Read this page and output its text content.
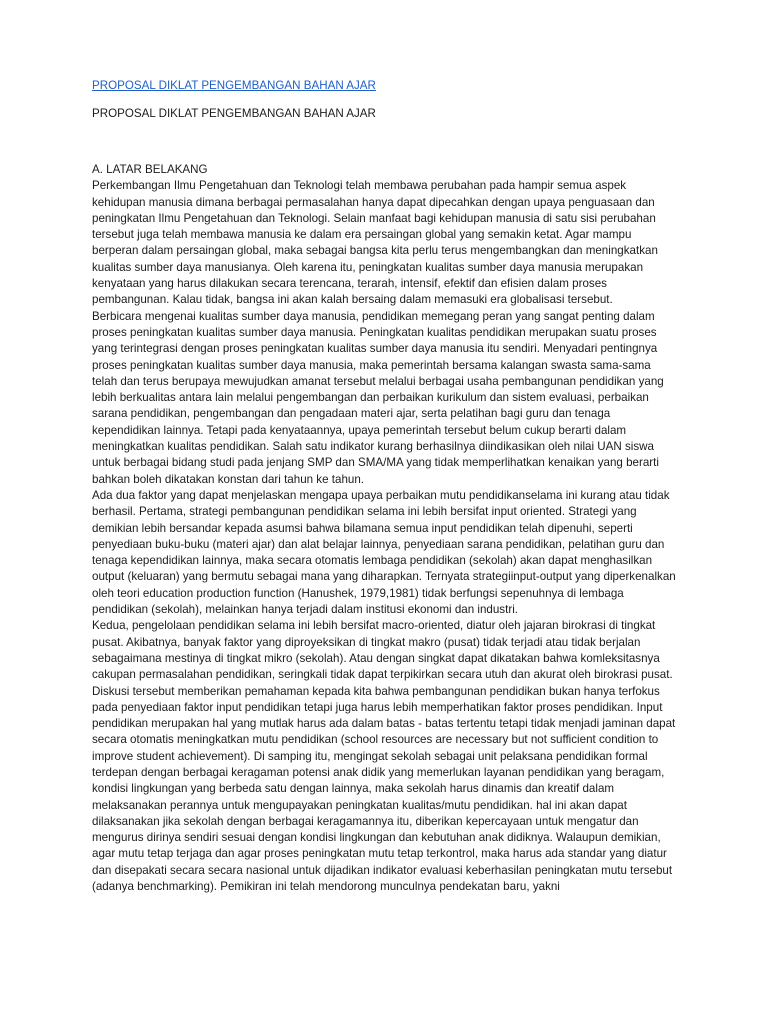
PROPOSAL DIKLAT PENGEMBANGAN BAHAN AJAR

PROPOSAL DIKLAT PENGEMBANGAN BAHAN AJAR

A. LATAR BELAKANG

Perkembangan Ilmu Pengetahuan dan Teknologi telah membawa perubahan pada hampir semua aspek kehidupan manusia dimana berbagai permasalahan hanya dapat dipecahkan dengan upaya penguasaan dan peningkatan Ilmu Pengetahuan dan Teknologi. Selain manfaat bagi kehidupan manusia di satu sisi perubahan tersebut juga telah membawa manusia ke dalam era persaingan global yang semakin ketat. Agar mampu berperan dalam persaingan global, maka sebagai bangsa kita perlu terus mengembangkan dan meningkatkan kualitas sumber daya manusianya. Oleh karena itu, peningkatan kualitas sumber daya manusia merupakan kenyataan yang harus dilakukan secara terencana, terarah, intensif, efektif dan efisien dalam proses pembangunan. Kalau tidak, bangsa ini akan kalah bersaing dalam memasuki era globalisasi tersebut.

Berbicara mengenai kualitas sumber daya manusia, pendidikan memegang peran yang sangat penting dalam proses peningkatan kualitas sumber daya manusia. Peningkatan kualitas pendidikan merupakan suatu proses yang terintegrasi dengan proses peningkatan kualitas sumber daya manusia itu sendiri. Menyadari pentingnya proses peningkatan kualitas sumber daya manusia, maka pemerintah bersama kalangan swasta sama-sama telah dan terus berupaya mewujudkan amanat tersebut melalui berbagai usaha pembangunan pendidikan yang lebih berkualitas antara lain melalui pengembangan dan perbaikan kurikulum dan sistem evaluasi, perbaikan sarana pendidikan, pengembangan dan pengadaan materi ajar, serta pelatihan bagi guru dan tenaga kependidikan lainnya. Tetapi pada kenyataannya, upaya pemerintah tersebut belum cukup berarti dalam meningkatkan kualitas pendidikan. Salah satu indikator kurang berhasilnya diindikasikan oleh nilai UAN siswa untuk berbagai bidang studi pada jenjang SMP dan SMA/MA yang tidak memperlihatkan kenaikan yang berarti bahkan boleh dikatakan konstan dari tahun ke tahun.

Ada dua faktor yang dapat menjelaskan mengapa upaya perbaikan mutu pendidikanselama ini kurang atau tidak berhasil. Pertama, strategi pembangunan pendidikan selama ini lebih bersifat input oriented. Strategi yang demikian lebih bersandar kepada asumsi bahwa bilamana semua input pendidikan telah dipenuhi, seperti penyediaan buku-buku (materi ajar) dan alat belajar lainnya, penyediaan sarana pendidikan, pelatihan guru dan tenaga kependidikan lainnya, maka secara otomatis lembaga pendidikan (sekolah) akan dapat menghasilkan output (keluaran) yang bermutu sebagai mana yang diharapkan. Ternyata strategiinput-output yang diperkenalkan oleh teori education production function (Hanushek, 1979,1981) tidak berfungsi sepenuhnya di lembaga pendidikan (sekolah), melainkan hanya terjadi dalam institusi ekonomi dan industri.

Kedua, pengelolaan pendidikan selama ini lebih bersifat macro-oriented, diatur oleh jajaran birokrasi di tingkat pusat. Akibatnya, banyak faktor yang diproyeksikan di tingkat makro (pusat) tidak terjadi atau tidak berjalan sebagaimana mestinya di tingkat mikro (sekolah). Atau dengan singkat dapat dikatakan bahwa komleksitasnya cakupan permasalahan pendidikan, seringkali tidak dapat terpikirkan secara utuh dan akurat oleh birokrasi pusat.

Diskusi tersebut memberikan pemahaman kepada kita bahwa pembangunan pendidikan bukan hanya terfokus pada penyediaan faktor input pendidikan tetapi juga harus lebih memperhatikan faktor proses pendidikan. Input pendidikan merupakan hal yang mutlak harus ada dalam batas - batas tertentu tetapi tidak menjadi jaminan dapat secara otomatis meningkatkan mutu pendidikan (school resources are necessary but not sufficient condition to improve student achievement). Di samping itu, mengingat sekolah sebagai unit pelaksana pendidikan formal terdepan dengan berbagai keragaman potensi anak didik yang memerlukan layanan pendidikan yang beragam, kondisi lingkungan yang berbeda satu dengan lainnya, maka sekolah harus dinamis dan kreatif dalam melaksanakan perannya untuk mengupayakan peningkatan kualitas/mutu pendidikan. hal ini akan dapat dilaksanakan jika sekolah dengan berbagai keragamannya itu, diberikan kepercayaan untuk mengatur dan mengurus dirinya sendiri sesuai dengan kondisi lingkungan dan kebutuhan anak didiknya. Walaupun demikian, agar mutu tetap terjaga dan agar proses peningkatan mutu tetap terkontrol, maka harus ada standar yang diatur dan disepakati secara secara nasional untuk dijadikan indikator evaluasi keberhasilan peningkatan mutu tersebut (adanya benchmarking). Pemikiran ini telah mendorong munculnya pendekatan baru, yakni
